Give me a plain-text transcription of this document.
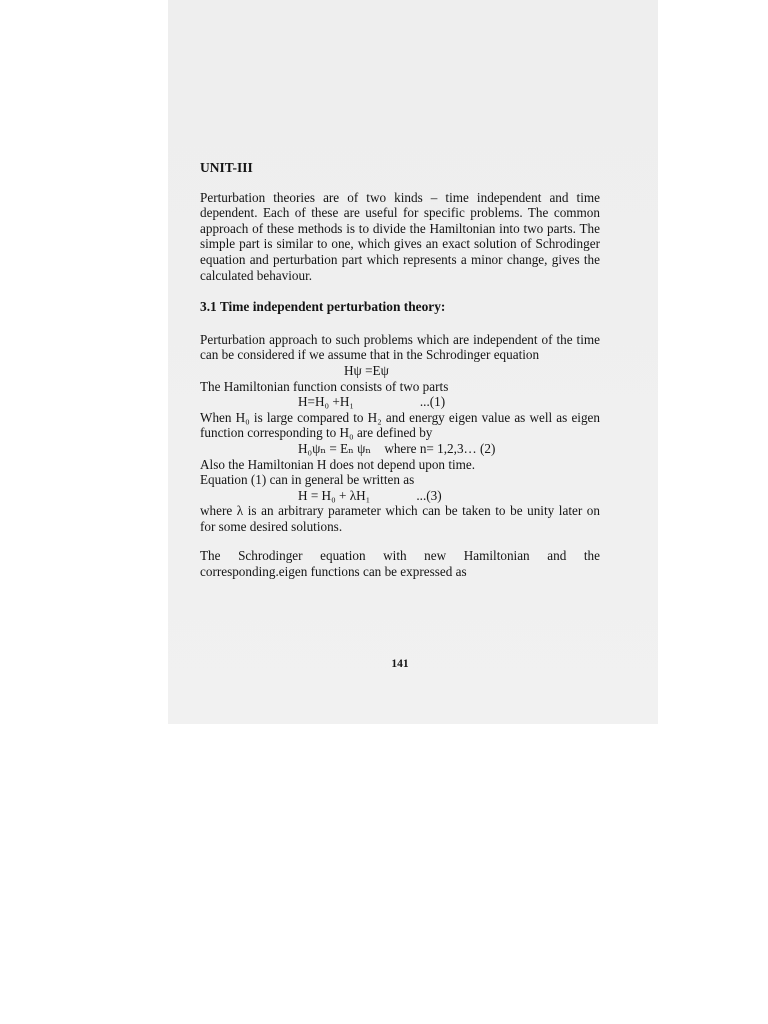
UNIT-III

Perturbation theories are of two kinds – time independent and time dependent. Each of these are useful for specific problems. The common approach of these methods is to divide the Hamiltonian into two parts. The simple part is similar to one, which gives an exact solution of Schrodinger equation and perturbation part which represents a minor change, gives the calculated behaviour.

3.1 Time independent perturbation theory:

Perturbation approach to such problems which are independent of the time can be considered if we assume that in the Schrodinger equation

Hψ =Eψ
The Hamiltonian function consists of two parts
H=H₀ +H₁                    ...(1)

When H₀ is large compared to H₂ and energy eigen value as well as eigen function corresponding to H₀ are defined by

H₀ψₙ = Eₙ ψₙ    where n= 1,2,3… (2)
Also the Hamiltonian H does not depend upon time.
Equation (1) can in general be written as
H = H₀ + λH₁              ...(3)

where λ is an arbitrary parameter which can be taken to be unity later on for some desired solutions.

The Schrodinger equation with new Hamiltonian and the corresponding.eigen functions can be expressed as

141
